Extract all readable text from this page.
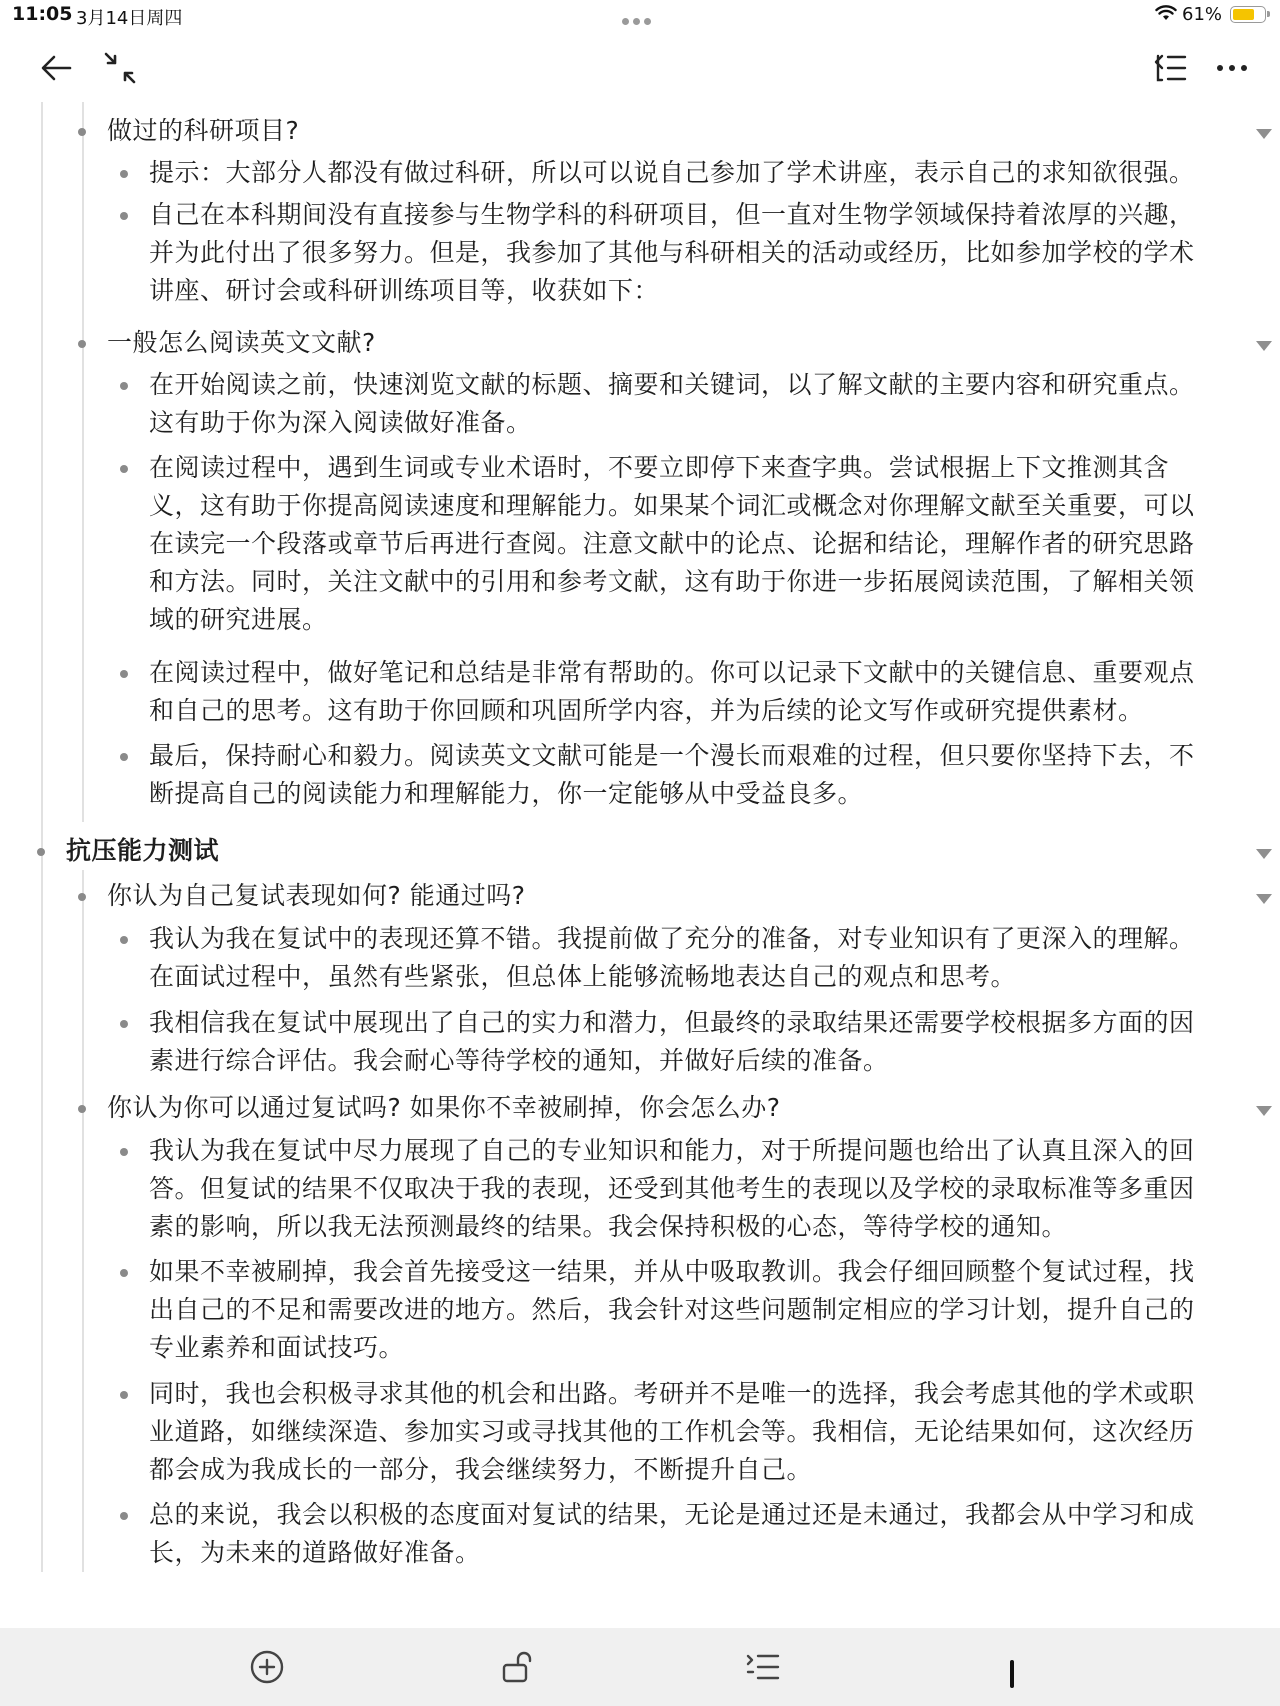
11:05 3月14日周四	61%
做过的科研项目?
提示：大部分人都没有做过科研，所以可以说自己参加了学术讲座，表示自己的求知欲很强。
自己在本科期间没有直接参与生物学科的科研项目，但一直对生物学领域保持着浓厚的兴趣，并为此付出了很多努力。但是，我参加了其他与科研相关的活动或经历，比如参加学校的学术讲座、研讨会或科研训练项目等，收获如下：
一般怎么阅读英文文献?
在开始阅读之前，快速浏览文献的标题、摘要和关键词，以了解文献的主要内容和研究重点。这有助于你为深入阅读做好准备。
在阅读过程中，遇到生词或专业术语时，不要立即停下来查字典。尝试根据上下文推测其含义，这有助于你提高阅读速度和理解能力。如果某个词汇或概念对你理解文献至关重要，可以在读完一个段落或章节后再进行查阅。注意文献中的论点、论据和结论，理解作者的研究思路和方法。同时，关注文献中的引用和参考文献，这有助于你进一步拓展阅读范围，了解相关领域的研究进展。
在阅读过程中，做好笔记和总结是非常有帮助的。你可以记录下文献中的关键信息、重要观点和自己的思考。这有助于你回顾和巩固所学内容，并为后续的论文写作或研究提供素材。
最后，保持耐心和毅力。阅读英文文献可能是一个漫长而艰难的过程，但只要你坚持下去，不断提高自己的阅读能力和理解能力，你一定能够从中受益良多。
抗压能力测试
你认为自己复试表现如何? 能通过吗?
我认为我在复试中的表现还算不错。我提前做了充分的准备，对专业知识有了更深入的理解。在面试过程中，虽然有些紧张，但总体上能够流畅地表达自己的观点和思考。
我相信我在复试中展现出了自己的实力和潜力，但最终的录取结果还需要学校根据多方面的因素进行综合评估。我会耐心等待学校的通知，并做好后续的准备。
你认为你可以通过复试吗? 如果你不幸被刷掉，你会怎么办?
我认为我在复试中尽力展现了自己的专业知识和能力，对于所提问题也给出了认真且深入的回答。但复试的结果不仅取决于我的表现，还受到其他考生的表现以及学校的录取标准等多重因素的影响，所以我无法预测最终的结果。我会保持积极的心态，等待学校的通知。
如果不幸被刷掉，我会首先接受这一结果，并从中吸取教训。我会仔细回顾整个复试过程，找出自己的不足和需要改进的地方。然后，我会针对这些问题制定相应的学习计划，提升自己的专业素养和面试技巧。
同时，我也会积极寻求其他的机会和出路。考研并不是唯一的选择，我会考虑其他的学术或职业道路，如继续深造、参加实习或寻找其他的工作机会等。我相信，无论结果如何，这次经历都会成为我成长的一部分，我会继续努力，不断提升自己。
总的来说，我会以积极的态度面对复试的结果，无论是通过还是未通过，我都会从中学习和成长，为未来的道路做好准备。
